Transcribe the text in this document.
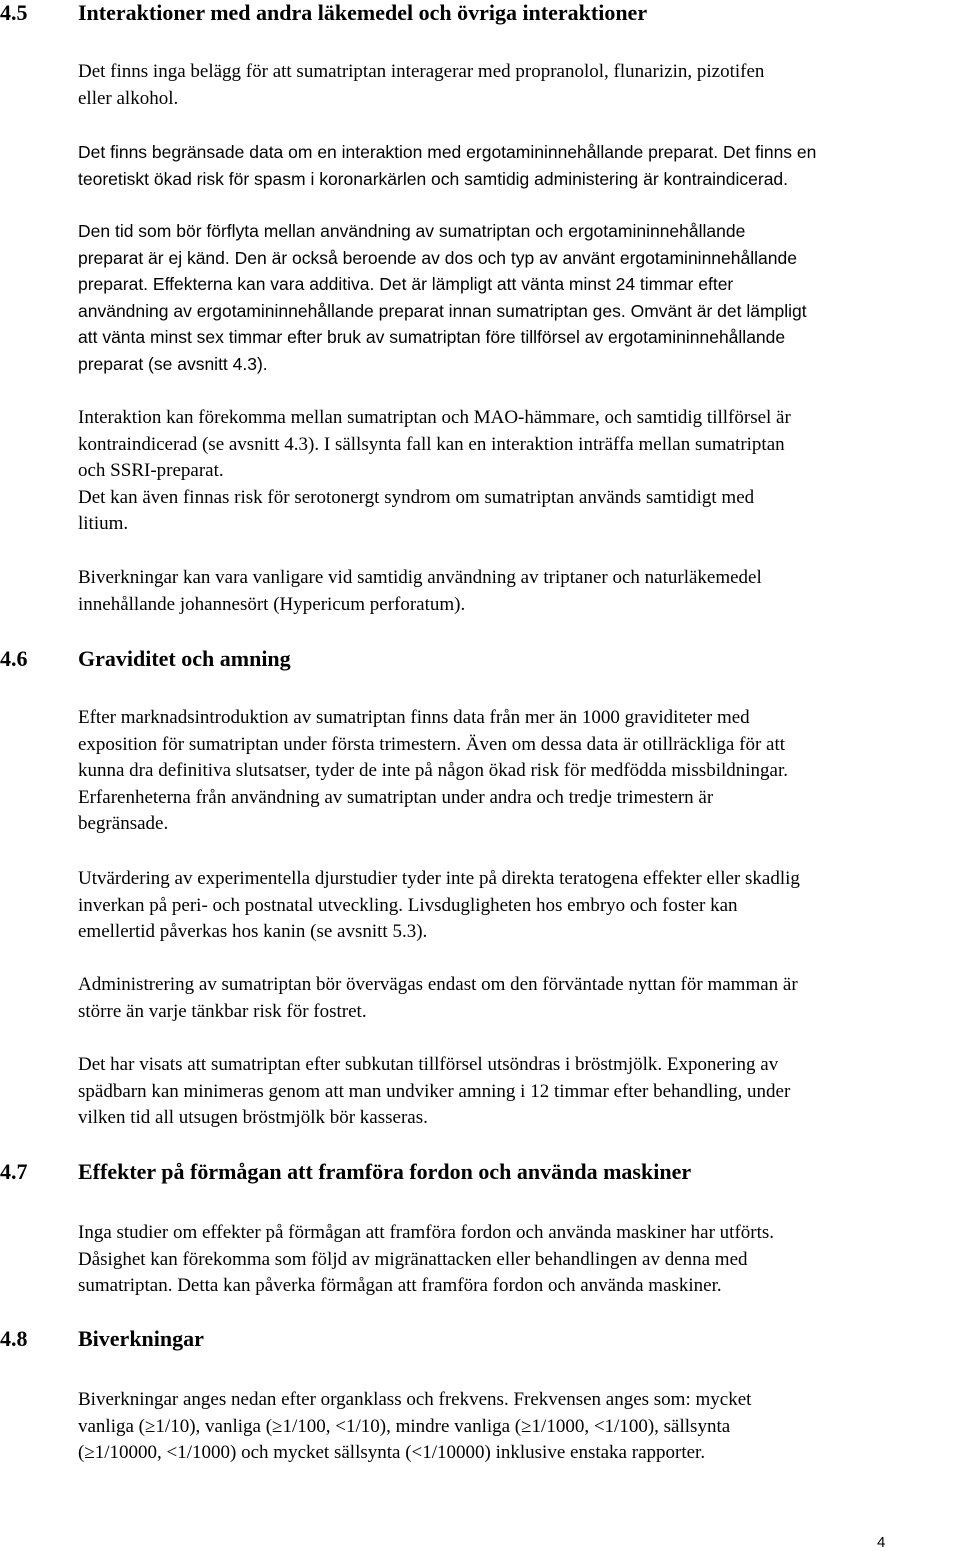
4.5 Interaktioner med andra läkemedel och övriga interaktioner
Det finns inga belägg för att sumatriptan interagerar med propranolol, flunarizin, pizotifen
eller alkohol.
Det finns begränsade data om en interaktion med ergotamininnehållande preparat. Det finns en
teoretiskt ökad risk för spasm i koronarkärlen och samtidig administering är kontraindicerad.
Den tid som bör förflyta mellan användning av sumatriptan och ergotamininnehållande
preparat är ej känd. Den är också beroende av dos och typ av använt ergotamininnehållande
preparat. Effekterna kan vara additiva. Det är lämpligt att vänta minst 24 timmar efter
användning av ergotamininnehållande preparat innan sumatriptan ges. Omvänt är det lämpligt
att vänta minst sex timmar efter bruk av sumatriptan före tillförsel av ergotamininnehållande
preparat (se avsnitt 4.3).
Interaktion kan förekomma mellan sumatriptan och MAO-hämmare, och samtidig tillförsel är
kontraindicerad (se avsnitt 4.3). I sällsynta fall kan en interaktion inträffa mellan sumatriptan
och SSRI-preparat.
Det kan även finnas risk för serotonergt syndrom om sumatriptan används samtidigt med
litium.
Biverkningar kan vara vanligare vid samtidig användning av triptaner och naturläkemedel
innehållande johannesört (Hypericum perforatum).
4.6 Graviditet och amning
Efter marknadsintroduktion av sumatriptan finns data från mer än 1000 graviditeter med
exposition för sumatriptan under första trimestern. Även om dessa data är otillräckliga för att
kunna dra definitiva slutsatser, tyder de inte på någon ökad risk för medfödda missbildningar.
Erfarenheterna från användning av sumatriptan under andra och tredje trimestern är
begränsade.
Utvärdering av experimentella djurstudier tyder inte på direkta teratogena effekter eller skadlig
inverkan på peri- och postnatal utveckling. Livsdugligheten hos embryo och foster kan
emellertid påverkas hos kanin (se avsnitt 5.3).
Administrering av sumatriptan bör övervägas endast om den förväntade nyttan för mamman är
större än varje tänkbar risk för fostret.
Det har visats att sumatriptan efter subkutan tillförsel utsöndras i bröstmjölk. Exponering av
spädbarn kan minimeras genom att man undviker amning i 12 timmar efter behandling, under
vilken tid all utsugen bröstmjölk bör kasseras.
4.7 Effekter på förmågan att framföra fordon och använda maskiner
Inga studier om effekter på förmågan att framföra fordon och använda maskiner har utförts.
Dåsighet kan förekomma som följd av migränattacken eller behandlingen av denna med
sumatriptan. Detta kan påverka förmågan att framföra fordon och använda maskiner.
4.8 Biverkningar
Biverkningar anges nedan efter organklass och frekvens. Frekvensen anges som: mycket
vanliga (≥1/10), vanliga (≥1/100, <1/10), mindre vanliga (≥1/1000, <1/100), sällsynta
(≥1/10000, <1/1000) och mycket sällsynta (<1/10000) inklusive enstaka rapporter.
4
